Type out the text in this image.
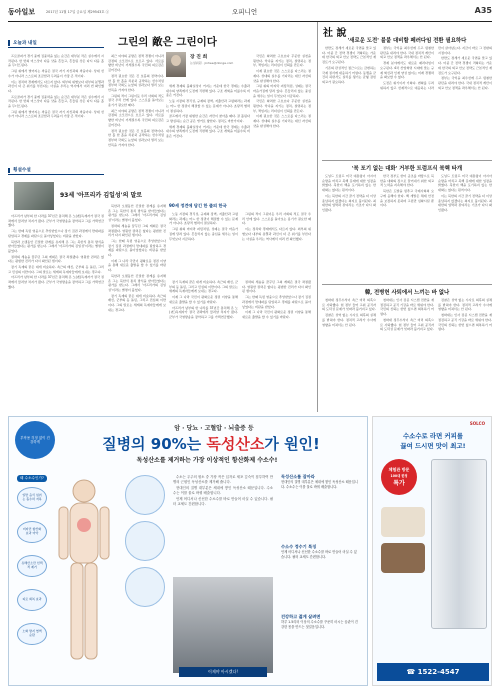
동아일보	2017년 11월 17일 금요일 제29543호 ⓐ	오피니언	A35
오늘과 내일	그린의 敵은 그린이다
장 진 희
논설위원 · jinhee@donga.com

프로골퍼가 경기 중에 집중력을 잃는 순간은 대부분 작은 실수에서 시작된다. 한 번의 미스샷이 다음 샷을 흔들고, 흔들린 샷은 다시 다음 홀을 무너뜨린다.

그린 위에서 벌어지는 싸움은 결국 자기 자신과의 싸움이다. 상대 선수가 아니라 스스로의 조급함과 두려움이 가장 큰 적이다.

이는 정치와 경제에서도 다르지 않다. 외부의 위협보다 내부의 분열과 과신이 더 큰 위기를 부른다는 사실을 우리는 역사에서 여러 번 확인했다.

프로골퍼가 경기 중에 집중력을 잃는 순간은 대부분 작은 실수에서 시작된다. 한 번의 미스샷이 다음 샷을 흔들고, 흔들린 샷은 다시 다음 홀을 무너뜨린다.

그린 위에서 벌어지는 싸움은 결국 자기 자신과의 싸움이다. 상대 선수가 아니라 스스로의 조급함과 두려움이 가장 큰 적이다.

최근 여야의 공방은 정책 경쟁이 아니라 감정의 소모전으로 흐르고 있다. 서로를 향한 비난이 거세질수록 국민의 피로감은 깊어진다.

정작 필요한 것은 긴 호흡의 전략이다. 한 홀 한 홀을 차분히 공략하는 선수처럼 정부와 국회도 눈앞의 성과보다 멀리 보는 안목을 가져야 한다.

그린의 적이 그린이듯 우리 사회의 적도 결국 우리 안에 있다. 스스로를 돌아보는 용기가 필요한 때다.

최근 여야의 공방은 정책 경쟁이 아니라 감정의 소모전으로 흐르고 있다. 서로를 향한 비난이 거세질수록 국민의 피로감은 깊어진다.

정작 필요한 것은 긴 호흡의 전략이다. 한 홀 한 홀을 차분히 공략하는 선수처럼 정부와 국회도 눈앞의 성과보다 멀리 보는 안목을 가져야 한다.

세계 경제의 불확실성이 커지는 가운데 한국 경제는 수출과 내수의 양쪽에서 도전에 직면해 있다. 구조 개혁을 미룰수록 비용은 커진다.

노동 시장의 경직성, 규제의 장벽, 저출산과 고령화라는 과제는 어느 한 정권이 해결할 수 있는 문제가 아니다. 초당적 협력이 절실하다.

골프에서 가장 위험한 순간은 자만이 찾아올 때다. 잘 풀린다고 방심하는 순간 공은 벙커로 향한다. 정치도 마찬가지다.

세계 경제의 불확실성이 커지는 가운데 한국 경제는 수출과 내수의 양쪽에서 도전에 직면해 있다. 구조 개혁을 미룰수록 비용은 커진다.

국민은 화려한 구호보다 꾸준한 실천을 원한다. 약속을 지키는 정치, 설명하는 정부, 책임지는 리더십이 신뢰를 만든다.

이제 필요한 것은 스스로를 다스리는 절제다. 상대의 실수를 기다리는 대신 자신의 샷을 완성해야 한다.

그린 위의 마지막 퍼팅처럼, 성패는 결국 마음가짐에 달려 있다. 흔들리지 않는 중심을 세우는 일이 무엇보다 시급하다.

국민은 화려한 구호보다 꾸준한 실천을 원한다. 약속을 지키는 정치, 설명하는 정부, 책임지는 리더십이 신뢰를 만든다.

이제 필요한 것은 스스로를 다스리는 절제다. 상대의 실수를 기다리는 대신 자신의 샷을 완성해야 한다.

90세 정견에 담긴 한 줄의 한국

노동 시장의 경직성, 규제의 장벽, 저출산과 고령화라는 과제는 어느 한 정권이 해결할 수 있는 문제가 아니다. 초당적 협력이 절실하다.

그린 위의 마지막 퍼팅처럼, 성패는 결국 마음가짐에 달려 있다. 흔들리지 않는 중심을 세우는 일이 무엇보다 시급하다.

그린의 적이 그린이듯 우리 사회의 적도 결국 우리 안에 있다. 스스로를 돌아보는 용기가 필요한 때다.

이는 정치와 경제에서도 다르지 않다. 외부의 위협보다 내부의 분열과 과신이 더 큰 위기를 부른다는 사실을 우리는 역사에서 여러 번 확인했다.

횡설수설
93세 '아프리카 김일성'의 말로

아프리카 남부의 한 나라를 37년간 통치해 온 노(老)독재자가 결국 권좌에서 물러날 처지가 됐다. 군부가 국영방송을 장악하고 그를 가택연금했다.

그는 한때 독립 영웅으로 추앙받았으나 장기 집권 과정에서 반대파를 탄압하고 경제를 파탄으로 몰아넣었다는 비판을 받았다.

북한과 오랫동안 긴밀한 관계를 유지해 온 그는 북한식 통치 방식을 받아들였다는 평가를 받는다. 그래서 '아프리카의 김일성'이라는 별명이 붙었다.

권력의 세습을 꿈꾸던 그의 계획은 결국 좌절됐다. 영원한 권력은 없다는 평범한 진리가 다시 확인된 셈이다.

장기 독재의 끝은 대개 비슷하다. 측근의 배신, 군부의 등 돌림, 그리고 민심의 이반이다. 그의 말로는 세계의 독재자들에게 보내는 경고다.

아프리카 남부의 한 나라를 37년간 통치해 온 노(老)독재자가 결국 권좌에서 물러날 처지가 됐다. 군부가 국영방송을 장악하고 그를 가택연금했다.

북한과 오랫동안 긴밀한 관계를 유지해 온 그는 북한식 통치 방식을 받아들였다는 평가를 받는다. 그래서 '아프리카의 김일성'이라는 별명이 붙었다.

권력의 세습을 꿈꾸던 그의 계획은 결국 좌절됐다. 영원한 권력은 없다는 평범한 진리가 다시 확인된 셈이다.

그는 한때 독립 영웅으로 추앙받았으나 장기 집권 과정에서 반대파를 탄압하고 경제를 파탄으로 몰아넣었다는 비판을 받았다.

이제 그 나라 국민이 평화로운 정권 이양을 통해 새로운 출발을 할 수 있기를 바란다.

북한과 오랫동안 긴밀한 관계를 유지해 온 그는 북한식 통치 방식을 받아들였다는 평가를 받는다. 그래서 '아프리카의 김일성'이라는 별명이 붙었다.

장기 독재의 끝은 대개 비슷하다. 측근의 배신, 군부의 등 돌림, 그리고 민심의 이반이다. 그의 말로는 세계의 독재자들에게 보내는 경고다.

장기 독재의 끝은 대개 비슷하다. 측근의 배신, 군부의 등 돌림, 그리고 민심의 이반이다. 그의 말로는 세계의 독재자들에게 보내는 경고다.

이제 그 나라 국민이 평화로운 정권 이양을 통해 새로운 출발을 할 수 있기를 바란다.

아프리카 남부의 한 나라를 37년간 통치해 온 노(老)독재자가 결국 권좌에서 물러날 처지가 됐다. 군부가 국영방송을 장악하고 그를 가택연금했다.

권력의 세습을 꿈꾸던 그의 계획은 결국 좌절됐다. 영원한 권력은 없다는 평범한 진리가 다시 확인된 셈이다.

그는 한때 독립 영웅으로 추앙받았으나 장기 집권 과정에서 반대파를 탄압하고 경제를 파탄으로 몰아넣었다는 비판을 받았다.

이제 그 나라 국민이 평화로운 정권 이양을 통해 새로운 출발을 할 수 있기를 바란다.

社 說
'새로운 도전' 불붙 대비할 페러다임 전환 필요하다

한반도 정세가 새로운 국면을 맞고 있다. 미중 간 전략 경쟁이 격화되는 가운데 한국의 외교 안보 전략도 근본적인 재검토가 요구된다.

기존의 관성적인 접근으로는 급변하는 국제 질서에 대응하기 어렵다. 동맹을 굳건히 하면서도 실리를 챙기는 균형 잡힌 외교가 필요하다.

정부는 국익을 최우선에 두고 냉철한 판단을 내려야 한다. 국내 정치적 계산이 외교 안보 정책을 좌우해서는 안 된다.

경제 분야에서도 새로운 패러다임이 요구된다. 4차 산업혁명 시대에 맞는 규제 혁신과 인재 양성 없이는 미래 경쟁력을 확보할 수 없다.

도전은 위기이자 기회다. 변화를 두려워하지 않고 선제적으로 대응하는 나라만이 살아남는다. 지금이 바로 그 전환의 시점이다.

한반도 정세가 새로운 국면을 맞고 있다. 미중 간 전략 경쟁이 격화되는 가운데 한국의 외교 안보 전략도 근본적인 재검토가 요구된다.

정부는 국익을 최우선에 두고 냉철한 판단을 내려야 한다. 국내 정치적 계산이 외교 안보 정책을 좌우해서는 안 된다.

'북 포기 없는 대화' 거부한 트럼프식 북핵 타개

도널드 트럼프 미국 대통령이 아시아 순방을 마치고 북핵 문제에 대한 입장을 밝혔다. 북한이 핵을 포기하지 않는 한 대화는 없다는 원칙이다.

이는 북한의 시간 끌기 전략을 더 이상 용납하지 않겠다는 의지로 풀이된다. 최대한의 압박과 관여라는 기조가 다시 확인됐다.

한국 정부도 한미 공조를 바탕으로 북한을 대화의 장으로 끌어내기 위한 외교적 노력을 지속해야 한다.

북한은 도발을 멈추고 국제사회의 요구에 응해야 한다. 핵 개발은 체제 안전을 보장하지 못하며 고립만 심화시킬 뿐이다.

도널드 트럼프 미국 대통령이 아시아 순방을 마치고 북핵 문제에 대한 입장을 밝혔다. 북한이 핵을 포기하지 않는 한 대화는 없다는 원칙이다.

이는 북한의 시간 끌기 전략을 더 이상 용납하지 않겠다는 의지로 풀이된다. 최대한의 압박과 관여라는 기조가 다시 확인됐다.

韓, 전병헌 사퇴에서 느끼는 바 없나

청와대 정무수석이 측근 비리 의혹으로 사퇴했다. 현 정부 들어 고위 공직자의 도덕성 문제가 잇따라 불거지고 있다.

검찰은 성역 없는 수사로 의혹의 실체를 밝혀야 한다. 정치적 고려가 수사에 영향을 미쳐서는 안 된다.

청와대는 인사 검증 시스템 전반을 재점검하고 공직 기강을 바로 세워야 한다. 국민의 신뢰는 한번 잃으면 회복하기 어렵다.

청와대 정무수석이 측근 비리 의혹으로 사퇴했다. 현 정부 들어 고위 공직자의 도덕성 문제가 잇따라 불거지고 있다.

검찰은 성역 없는 수사로 의혹의 실체를 밝혀야 한다. 정치적 고려가 수사에 영향을 미쳐서는 안 된다.

청와대는 인사 검증 시스템 전반을 재점검하고 공직 기강을 바로 세워야 한다. 국민의 신뢰는 한번 잃으면 회복하기 어렵다.

부작용 걱정 없이 건강하게
암 · 당뇨 · 고혈압 · 뇌출증 등
질병의 90%는 독성산소가 원인!
독성산소를 제거하는 가장 이상적인 항산화제 수소수!
왜 수소수인가?
일반 음식 섭취는 흡수력 저하
비타민 항산화 효과 미약
유해산소만 선택적 제거
피로 회복 효과
노화 방지 혈액 순환

수소는 우주의 원소 중 가장 작은 입자로 세포 깊숙이 침투하여 만병의 근원인 독성산소를 제거해 줍니다.

현대인의 질병 대부분은 체내에 쌓인 독성산소 때문입니다. 수소수는 이를 물로 바꿔 배출합니다.

언제 어디서나 신선한 수소수를 바로 만들어 마실 수 있습니다. 필터 교체도 간편합니다.

이제야 아시겠다!
독성산소를 잡아라
현대인의 질병 대부분은 체내에 쌓인 독성산소 때문입니다. 수소수는 이를 물로 바꿔 배출합니다.
수소수 정수기 특징
언제 어디서나 신선한 수소수를 바로 만들어 마실 수 있습니다. 필터 교체도 간편합니다.
건강하고 젊게 살려면
하루 1.5리터 이상의 수소수를 꾸준히 마시는 습관이 건강한 몸을 만드는 첫걸음입니다.
SOLCO
수소수로 라면 커피를
끓여 드시면 맛이 최고!
체험관 방문
100대 한정
특가
☎ 1522-4547
